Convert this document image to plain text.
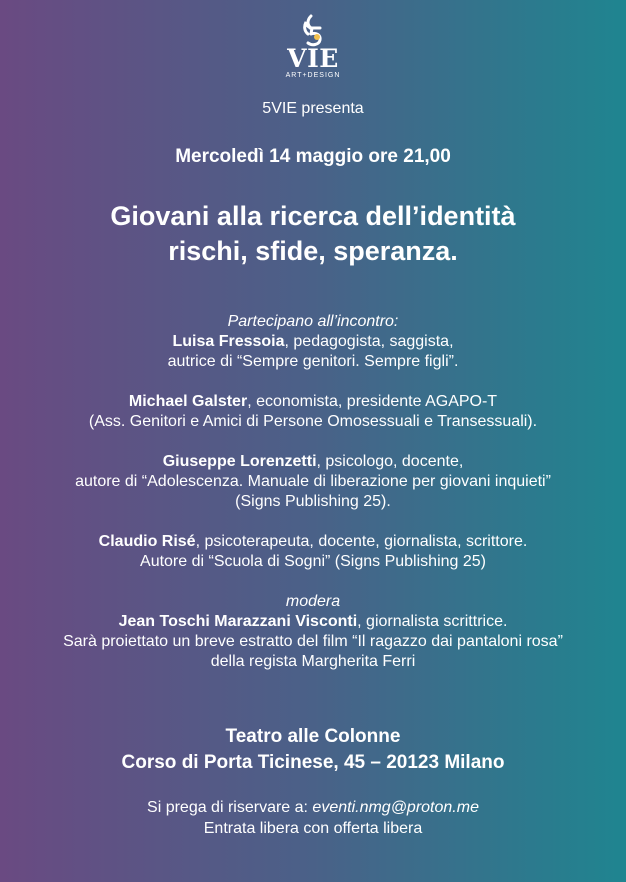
VIE
ART+DESIGN
5VIE presenta
Mercoledì 14 maggio ore 21,00
Giovani alla ricerca dell’identità
rischi, sfide, speranza.

Partecipano all’incontro:
Luisa Fressoia, pedagogista, saggista,
autrice di “Sempre genitori. Sempre figli”.

Michael Galster, economista, presidente AGAPO-T
(Ass. Genitori e Amici di Persone Omosessuali e Transessuali).

Giuseppe Lorenzetti, psicologo, docente,
autore di “Adolescenza. Manuale di liberazione per giovani inquieti”
(Signs Publishing 25).

Claudio Risé, psicoterapeuta, docente, giornalista, scrittore.
Autore di “Scuola di Sogni” (Signs Publishing 25)

modera
Jean Toschi Marazzani Visconti, giornalista scrittrice.
Sarà proiettato un breve estratto del film “Il ragazzo dai pantaloni rosa”
della regista Margherita Ferri

Teatro alle Colonne
Corso di Porta Ticinese, 45 – 20123 Milano
Si prega di riservare a: eventi.nmg@proton.me
Entrata libera con offerta libera
